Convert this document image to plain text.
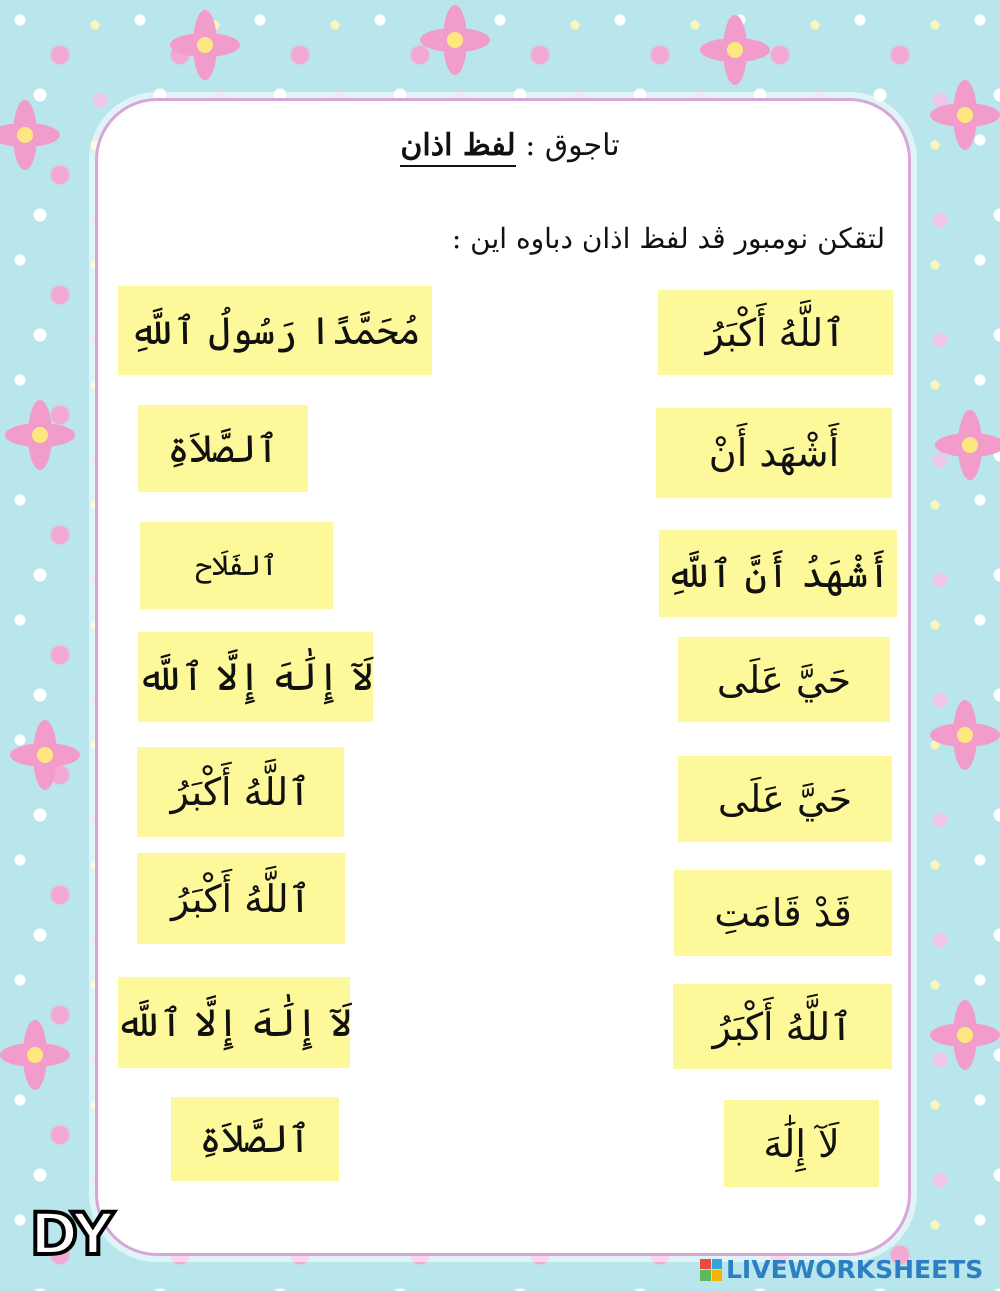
تاجوق : لفظ اذان
لتقكن نومبور ڤد لفظ اذان دباوه اين :
مُحَمَّدًا رَسُولُ ٱللَّهِ
ٱلصَّلاَةِ
ٱلفَلَاح
لَآ إِلَٰهَ إِلَّا ٱللَّه
ٱللَّهُ أَكْبَرُ
ٱللَّهُ أَكْبَرُ
لَآ إِلَٰهَ إِلَّا ٱللَّه
ٱلصَّلاَةِ
ٱللَّهُ أَكْبَرُ
أَشْهَد أَنْ
أَشْهَدُ أَنَّ ٱللَّهِ
حَيَّ عَلَى
حَيَّ عَلَى
قَدْ قَامَتِ
ٱللَّهُ أَكْبَرُ
لَآ إِلَٰهَ
DY
LIVEWORKSHEETS
